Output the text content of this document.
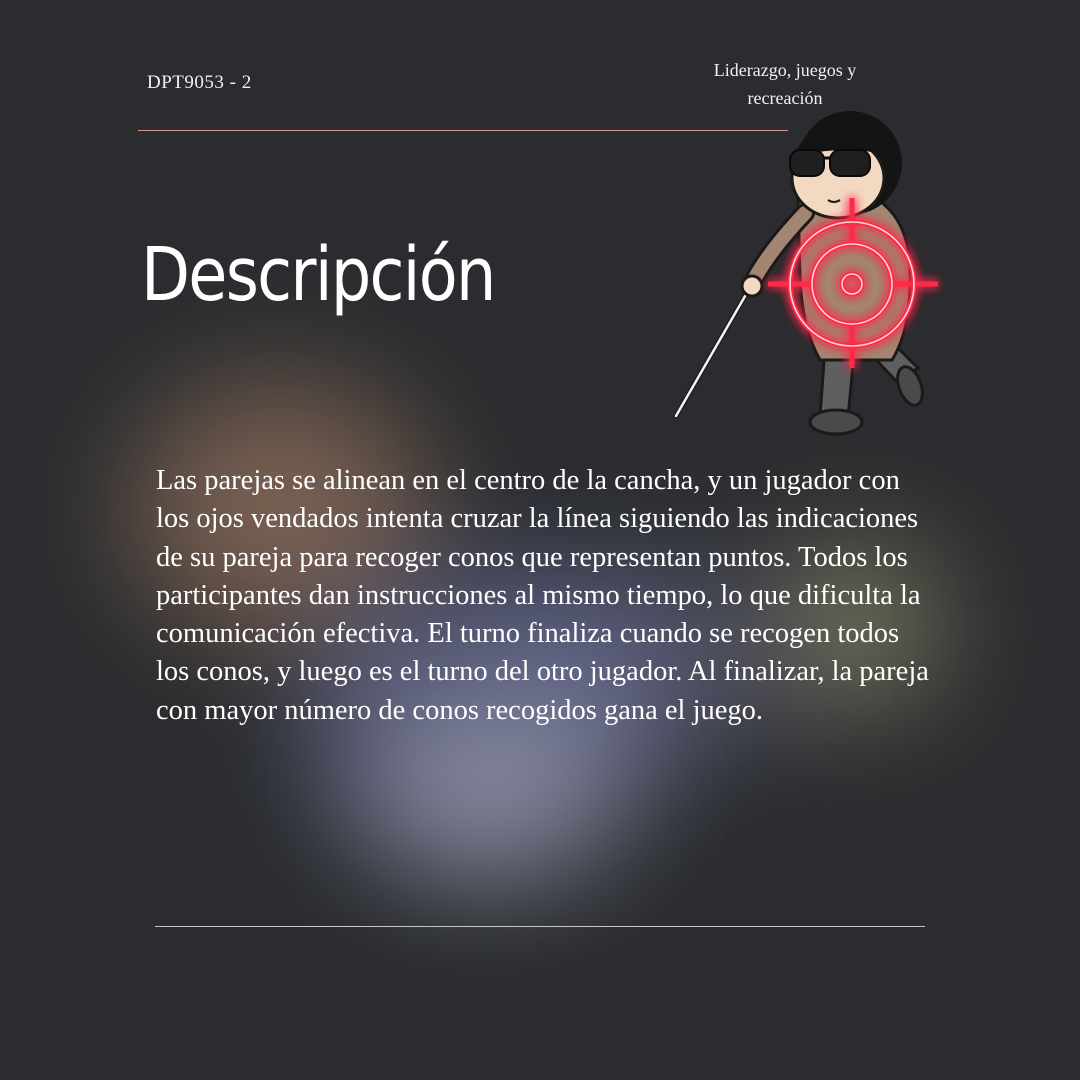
DPT9053 - 2
Liderazgo, juegos y recreación
Descripción

Las parejas se alinean en el centro de la cancha, y un jugador con los ojos vendados intenta cruzar la línea siguiendo las indicaciones de su pareja para recoger conos que representan puntos. Todos los participantes dan instrucciones al mismo tiempo, lo que dificulta la comunicación efectiva. El turno finaliza cuando se recogen todos los conos, y luego es el turno del otro jugador. Al finalizar, la pareja con mayor número de conos recogidos gana el juego.
